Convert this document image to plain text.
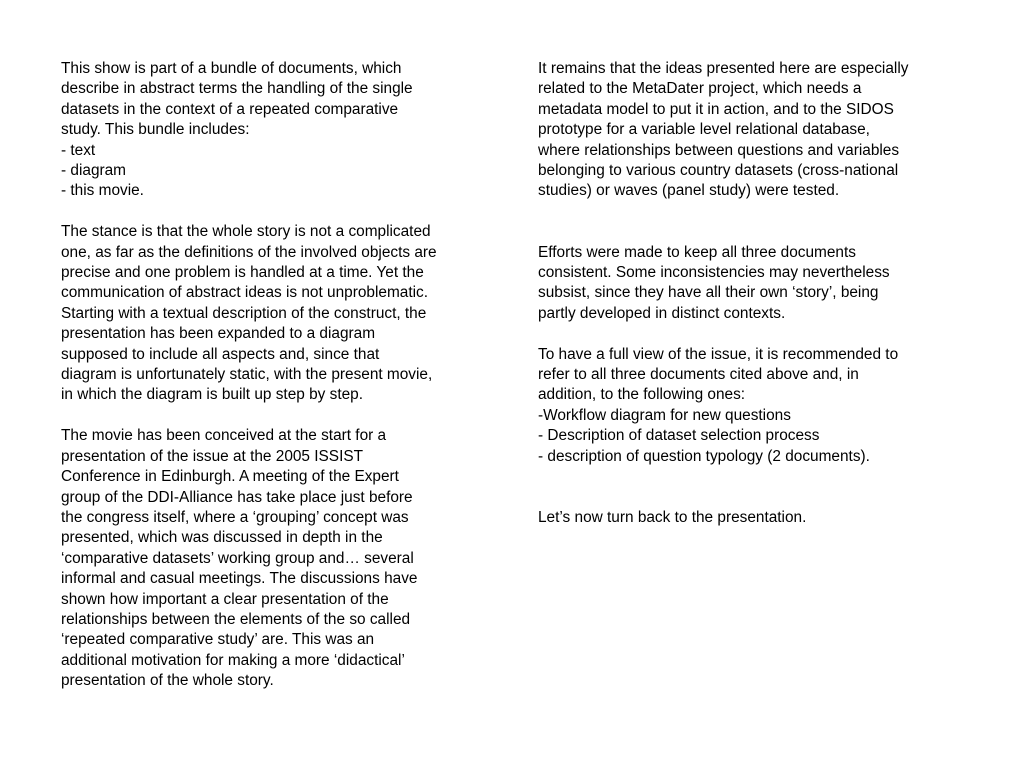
This show is part of a bundle of documents, which
describe in abstract terms the handling of the single
datasets in the context of a repeated comparative
study. This bundle includes:
- text
- diagram
- this movie.

The stance is that the whole story is not a complicated
one, as far as the definitions of the involved objects are
precise and one problem is handled at a time. Yet the
communication of abstract ideas is not unproblematic.
Starting with a textual description of the construct, the
presentation has been expanded to a diagram
supposed to include all aspects and, since that
diagram is unfortunately static, with the present movie,
in which the diagram is built up step by step.

The movie has been conceived at the start for a
presentation of the issue at the 2005 ISSIST
Conference in Edinburgh. A meeting of the Expert
group of the DDI-Alliance has take place just before
the congress itself, where a ‘grouping’ concept was
presented, which was discussed in depth in the
‘comparative datasets’ working group and… several
informal and casual meetings. The discussions have
shown how important a clear presentation of the
relationships between the elements of the so called
‘repeated comparative study’ are. This was an
additional motivation for making a more ‘didactical’
presentation of the whole story.

It remains that the ideas presented here are especially
related to the MetaDater project, which needs a
metadata model to put it in action, and to the SIDOS
prototype for a variable level relational database,
where relationships between questions and variables
belonging to various country datasets (cross-national
studies) or waves (panel study) were tested.

Efforts were made to keep all three documents
consistent. Some inconsistencies may nevertheless
subsist, since they have all their own ‘story’, being
partly developed in distinct contexts.

To have a full view of the issue, it is recommended to
refer to all three documents cited above and, in
addition, to the following ones:
-Workflow diagram for new questions
- Description of dataset selection process
- description of question typology (2 documents).

Let’s now turn back to the presentation.
